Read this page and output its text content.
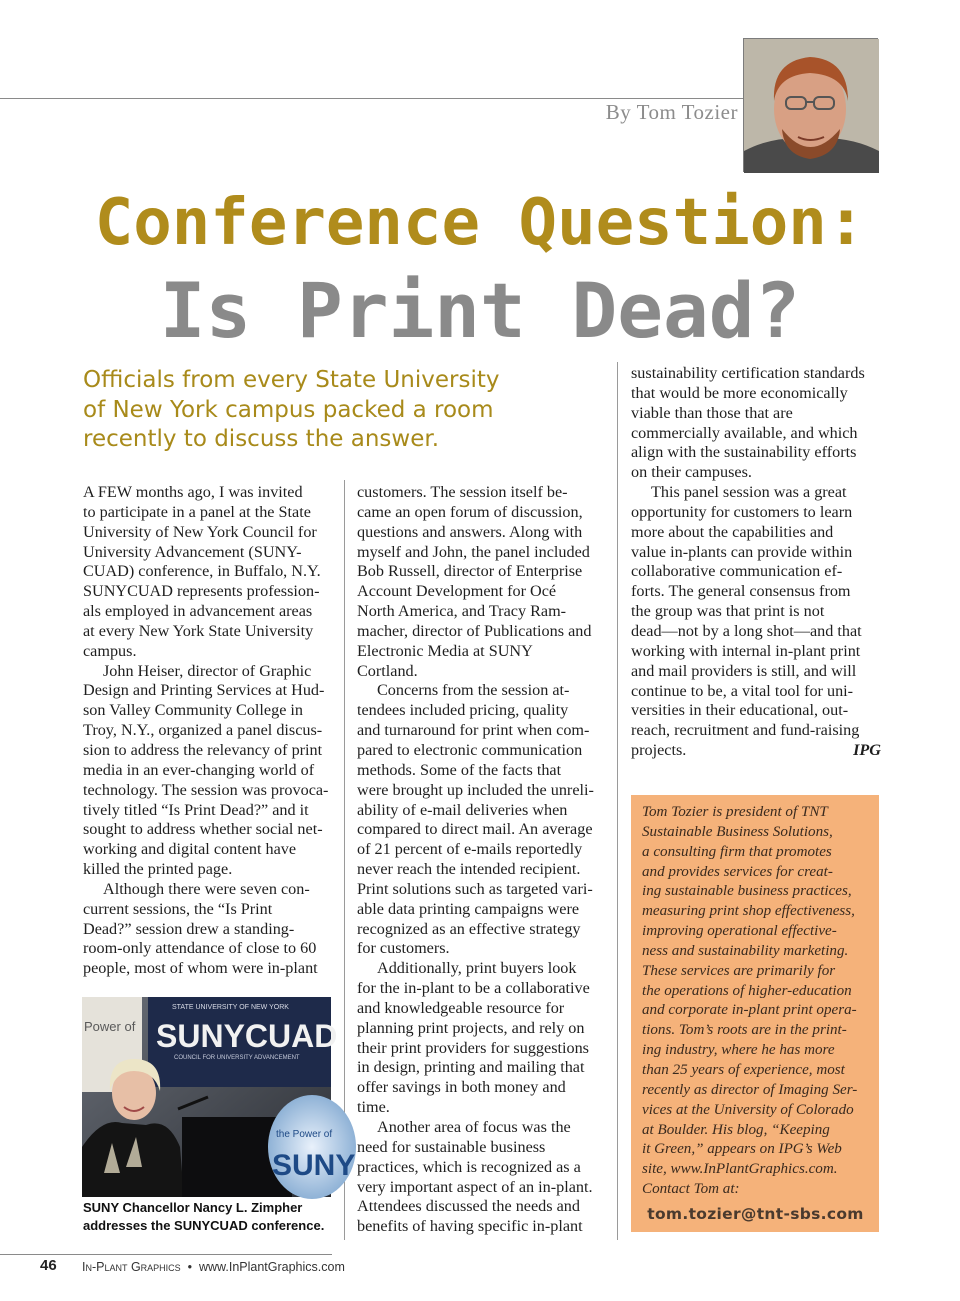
By Tom Tozier
Conference Question:
Is Print Dead?
Officials from every State University
of New York campus packed a room
recently to discuss the answer.
A FEW months ago, I was invited
to participate in a panel at the State
University of New York Council for
University Advancement (SUNY-
CUAD) conference, in Buffalo, N.Y.
SUNYCUAD represents profession-
als employed in advancement areas
at every New York State University
campus.
John Heiser, director of Graphic
Design and Printing Services at Hud-
son Valley Community College in
Troy, N.Y., organized a panel discus-
sion to address the relevancy of print
media in an ever-changing world of
technology. The session was provoca-
tively titled “Is Print Dead?” and it
sought to address whether social net-
working and digital content have
killed the printed page.
Although there were seven con-
current sessions, the “Is Print
Dead?” session drew a standing-
room-only attendance of close to 60
people, most of whom were in-plant
customers. The session itself be-
came an open forum of discussion,
questions and answers. Along with
myself and John, the panel included
Bob Russell, director of Enterprise
Account Development for Océ
North America, and Tracy Ram-
macher, director of Publications and
Electronic Media at SUNY
Cortland.
Concerns from the session at-
tendees included pricing, quality
and turnaround for print when com-
pared to electronic communication
methods. Some of the facts that
were brought up included the unreli-
ability of e-mail deliveries when
compared to direct mail. An average
of 21 percent of e-mails reportedly
never reach the intended recipient.
Print solutions such as targeted vari-
able data printing campaigns were
recognized as an effective strategy
for customers.
Additionally, print buyers look
for the in-plant to be a collaborative
and knowledgeable resource for
planning print projects, and rely on
their print providers for suggestions
in design, printing and mailing that
offer savings in both money and
time.
Another area of focus was the
need for sustainable business
practices, which is recognized as a
very important aspect of an in-plant.
Attendees discussed the needs and
benefits of having specific in-plant
sustainability certification standards
that would be more economically
viable than those that are
commercially available, and which
align with the sustainability efforts
on their campuses.
This panel session was a great
opportunity for customers to learn
more about the capabilities and
value in-plants can provide within
collaborative communication ef-
forts. The general consensus from
the group was that print is not
dead—not by a long shot—and that
working with internal in-plant print
and mail providers is still, and will
continue to be, a vital tool for uni-
versities in their educational, out-
reach, recruitment and fund-raising
projects.	IPG
Power of
STATE UNIVERSITY OF NEW YORK
SUNYCUAD
COUNCIL FOR UNIVERSITY ADVANCEMENT
the Power of
SUNY
SUNY Chancellor Nancy L. Zimpher
addresses the SUNYCUAD conference.
Tom Tozier is president of TNT
Sustainable Business Solutions,
a consulting firm that promotes
and provides services for creat-
ing sustainable business practices,
measuring print shop effectiveness,
improving operational effective-
ness and sustainability marketing.
These services are primarily for
the operations of higher-education
and corporate in-plant print opera-
tions. Tom’s roots are in the print-
ing industry, where he has more
than 25 years of experience, most
recently as director of Imaging Ser-
vices at the University of Colorado
at Boulder. His blog, “Keeping
it Green,” appears on IPG’s Web
site, www.InPlantGraphics.com.
Contact Tom at:
tom.tozier@tnt-sbs.com
46 In-Plant Graphics • www.InPlantGraphics.com
